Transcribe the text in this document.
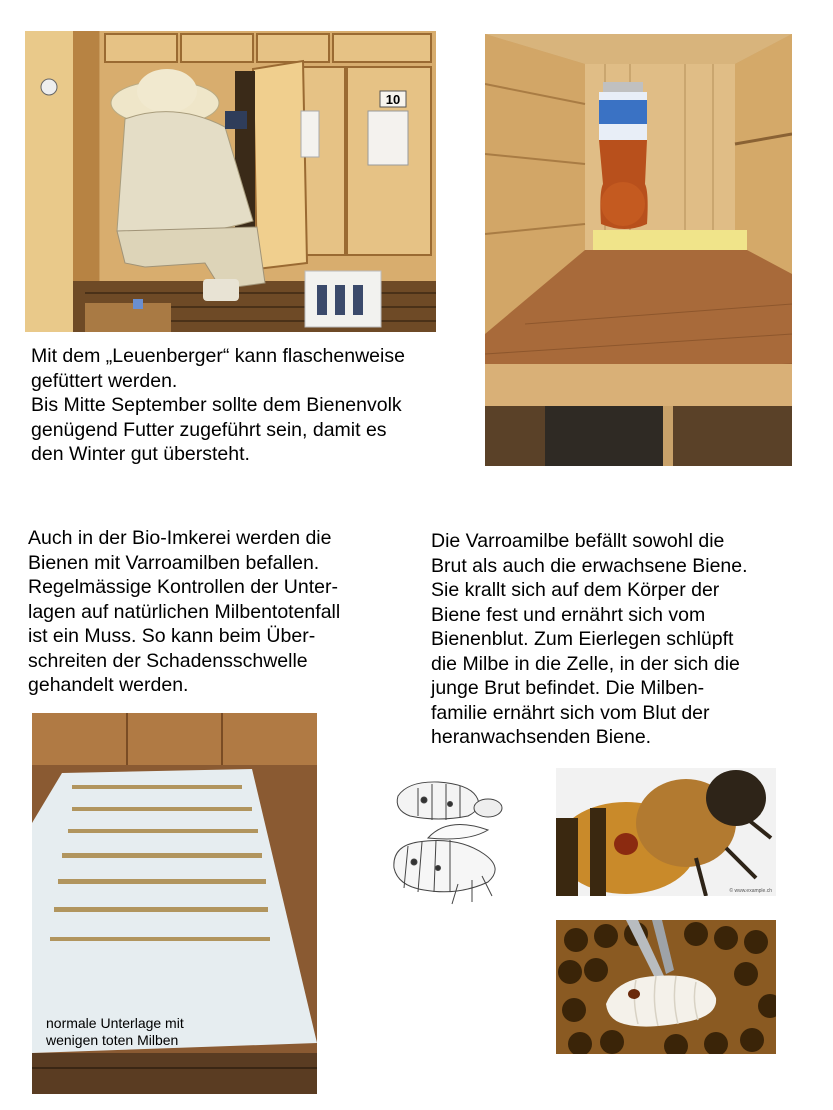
10
Mit dem „Leuenberger“ kann flaschenweise
gefüttert werden.
Bis Mitte September sollte dem Bienenvolk
genügend Futter zugeführt sein, damit es
den Winter gut übersteht.
Auch in der Bio-Imkerei werden die
Bienen mit Varroamilben befallen.
Regelmässige Kontrollen der Unter-
lagen auf natürlichen Milbentotenfall
ist ein Muss. So kann beim Über-
schreiten der Schadensschwelle
gehandelt werden.
Die Varroamilbe befällt sowohl die
Brut als auch die erwachsene Biene.
Sie krallt sich auf dem Körper der
Biene fest und ernährt sich vom
Bienenblut. Zum Eierlegen schlüpft
die Milbe in die Zelle, in der sich die
junge Brut befindet. Die Milben-
familie ernährt sich vom Blut der
heranwachsenden Biene.
normale Unterlage mit
wenigen toten Milben
© www.example.ch
